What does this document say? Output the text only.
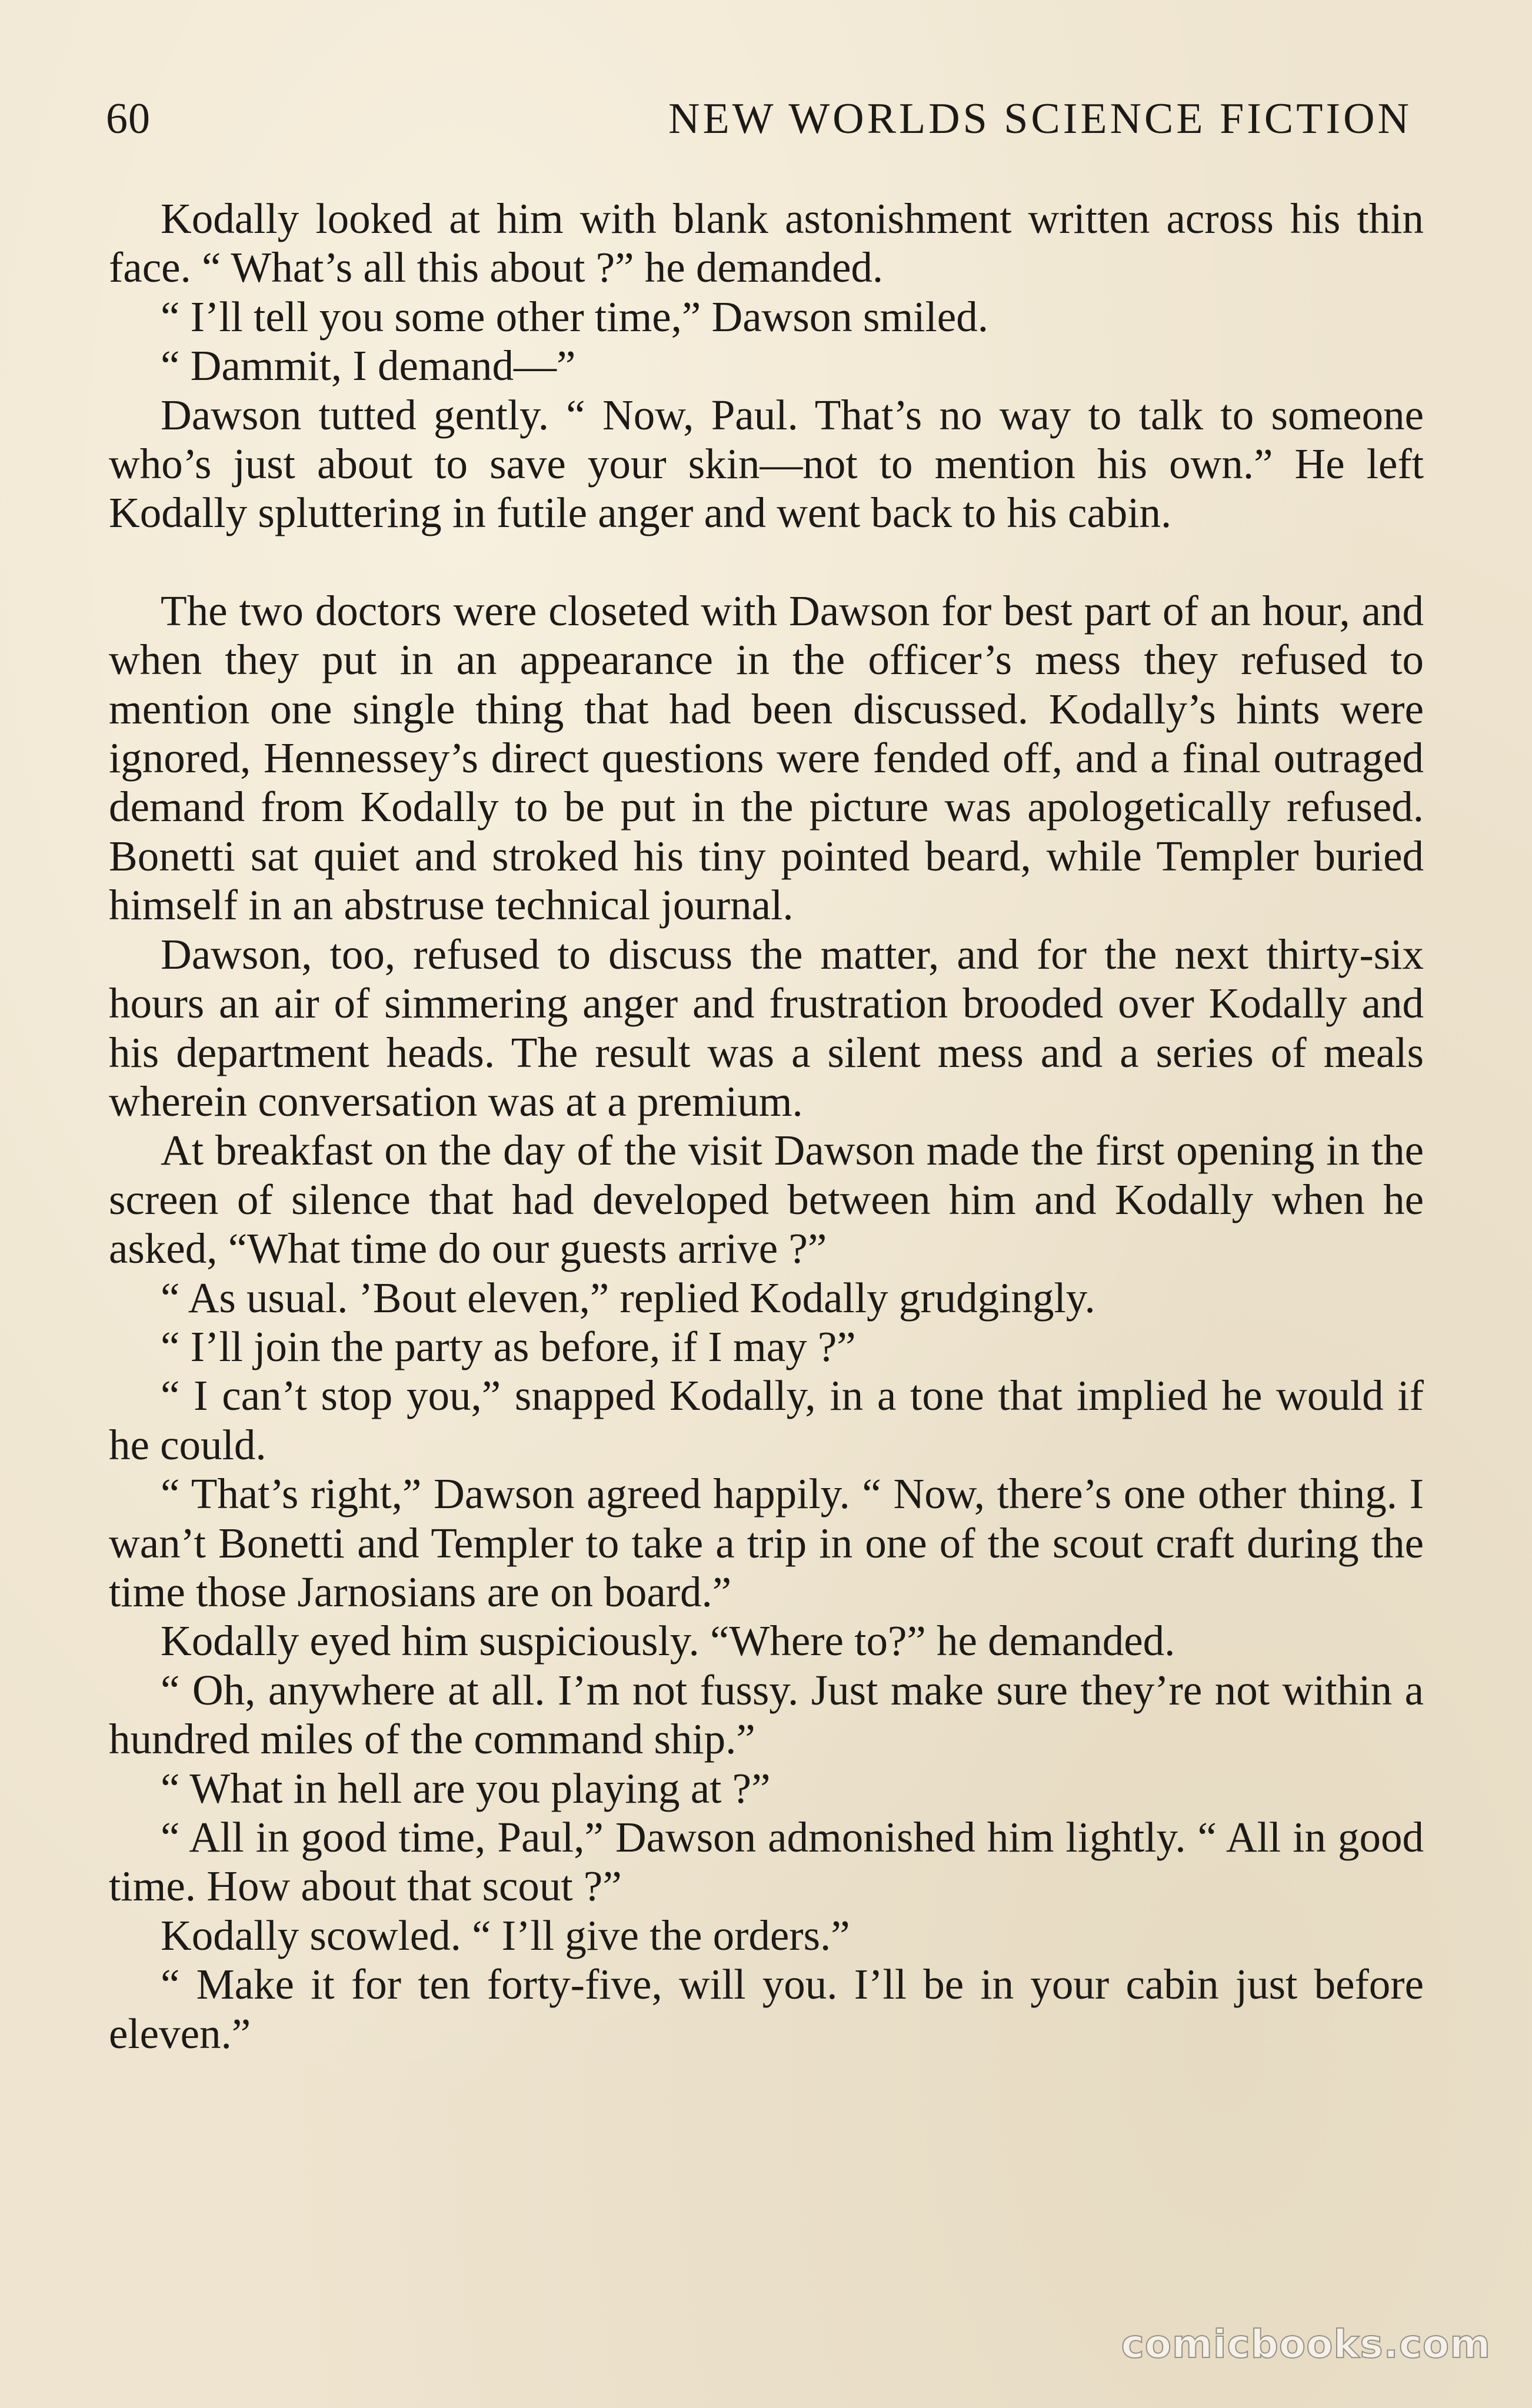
60	NEW WORLDS SCIENCE FICTION

Kodally looked at him with blank astonishment written across his thin face. “ What’s all this about ?” he demanded.

“ I’ll tell you some other time,” Dawson smiled.

“ Dammit, I demand—”

Dawson tutted gently. “ Now, Paul. That’s no way to talk to someone who’s just about to save your skin—not to mention his own.” He left Kodally spluttering in futile anger and went back to his cabin.

The two doctors were closeted with Dawson for best part of an hour, and when they put in an appearance in the officer’s mess they refused to mention one single thing that had been discussed. Kodally’s hints were ignored, Hennessey’s direct questions were fended off, and a final outraged demand from Kodally to be put in the picture was apologetically refused. Bonetti sat quiet and stroked his tiny pointed beard, while Templer buried himself in an abstruse technical journal.

Dawson, too, refused to discuss the matter, and for the next thirty-six hours an air of simmering anger and frustration brooded over Kodally and his department heads. The result was a silent mess and a series of meals wherein conversation was at a premium.

At breakfast on the day of the visit Dawson made the first opening in the screen of silence that had developed between him and Kodally when he asked, “What time do our guests arrive ?”

“ As usual. ’Bout eleven,” replied Kodally grudgingly.

“ I’ll join the party as before, if I may ?”

“ I can’t stop you,” snapped Kodally, in a tone that implied he would if he could.

“ That’s right,” Dawson agreed happily. “ Now, there’s one other thing. I wan’t Bonetti and Templer to take a trip in one of the scout craft during the time those Jarnosians are on board.”

Kodally eyed him suspiciously. “Where to?” he demanded.

“ Oh, anywhere at all. I’m not fussy. Just make sure they’re not within a hundred miles of the command ship.”

“ What in hell are you playing at ?”

“ All in good time, Paul,” Dawson admonished him lightly. “ All in good time. How about that scout ?”

Kodally scowled. “ I’ll give the orders.”

“ Make it for ten forty-five, will you. I’ll be in your cabin just before eleven.”

comicbooks.com
